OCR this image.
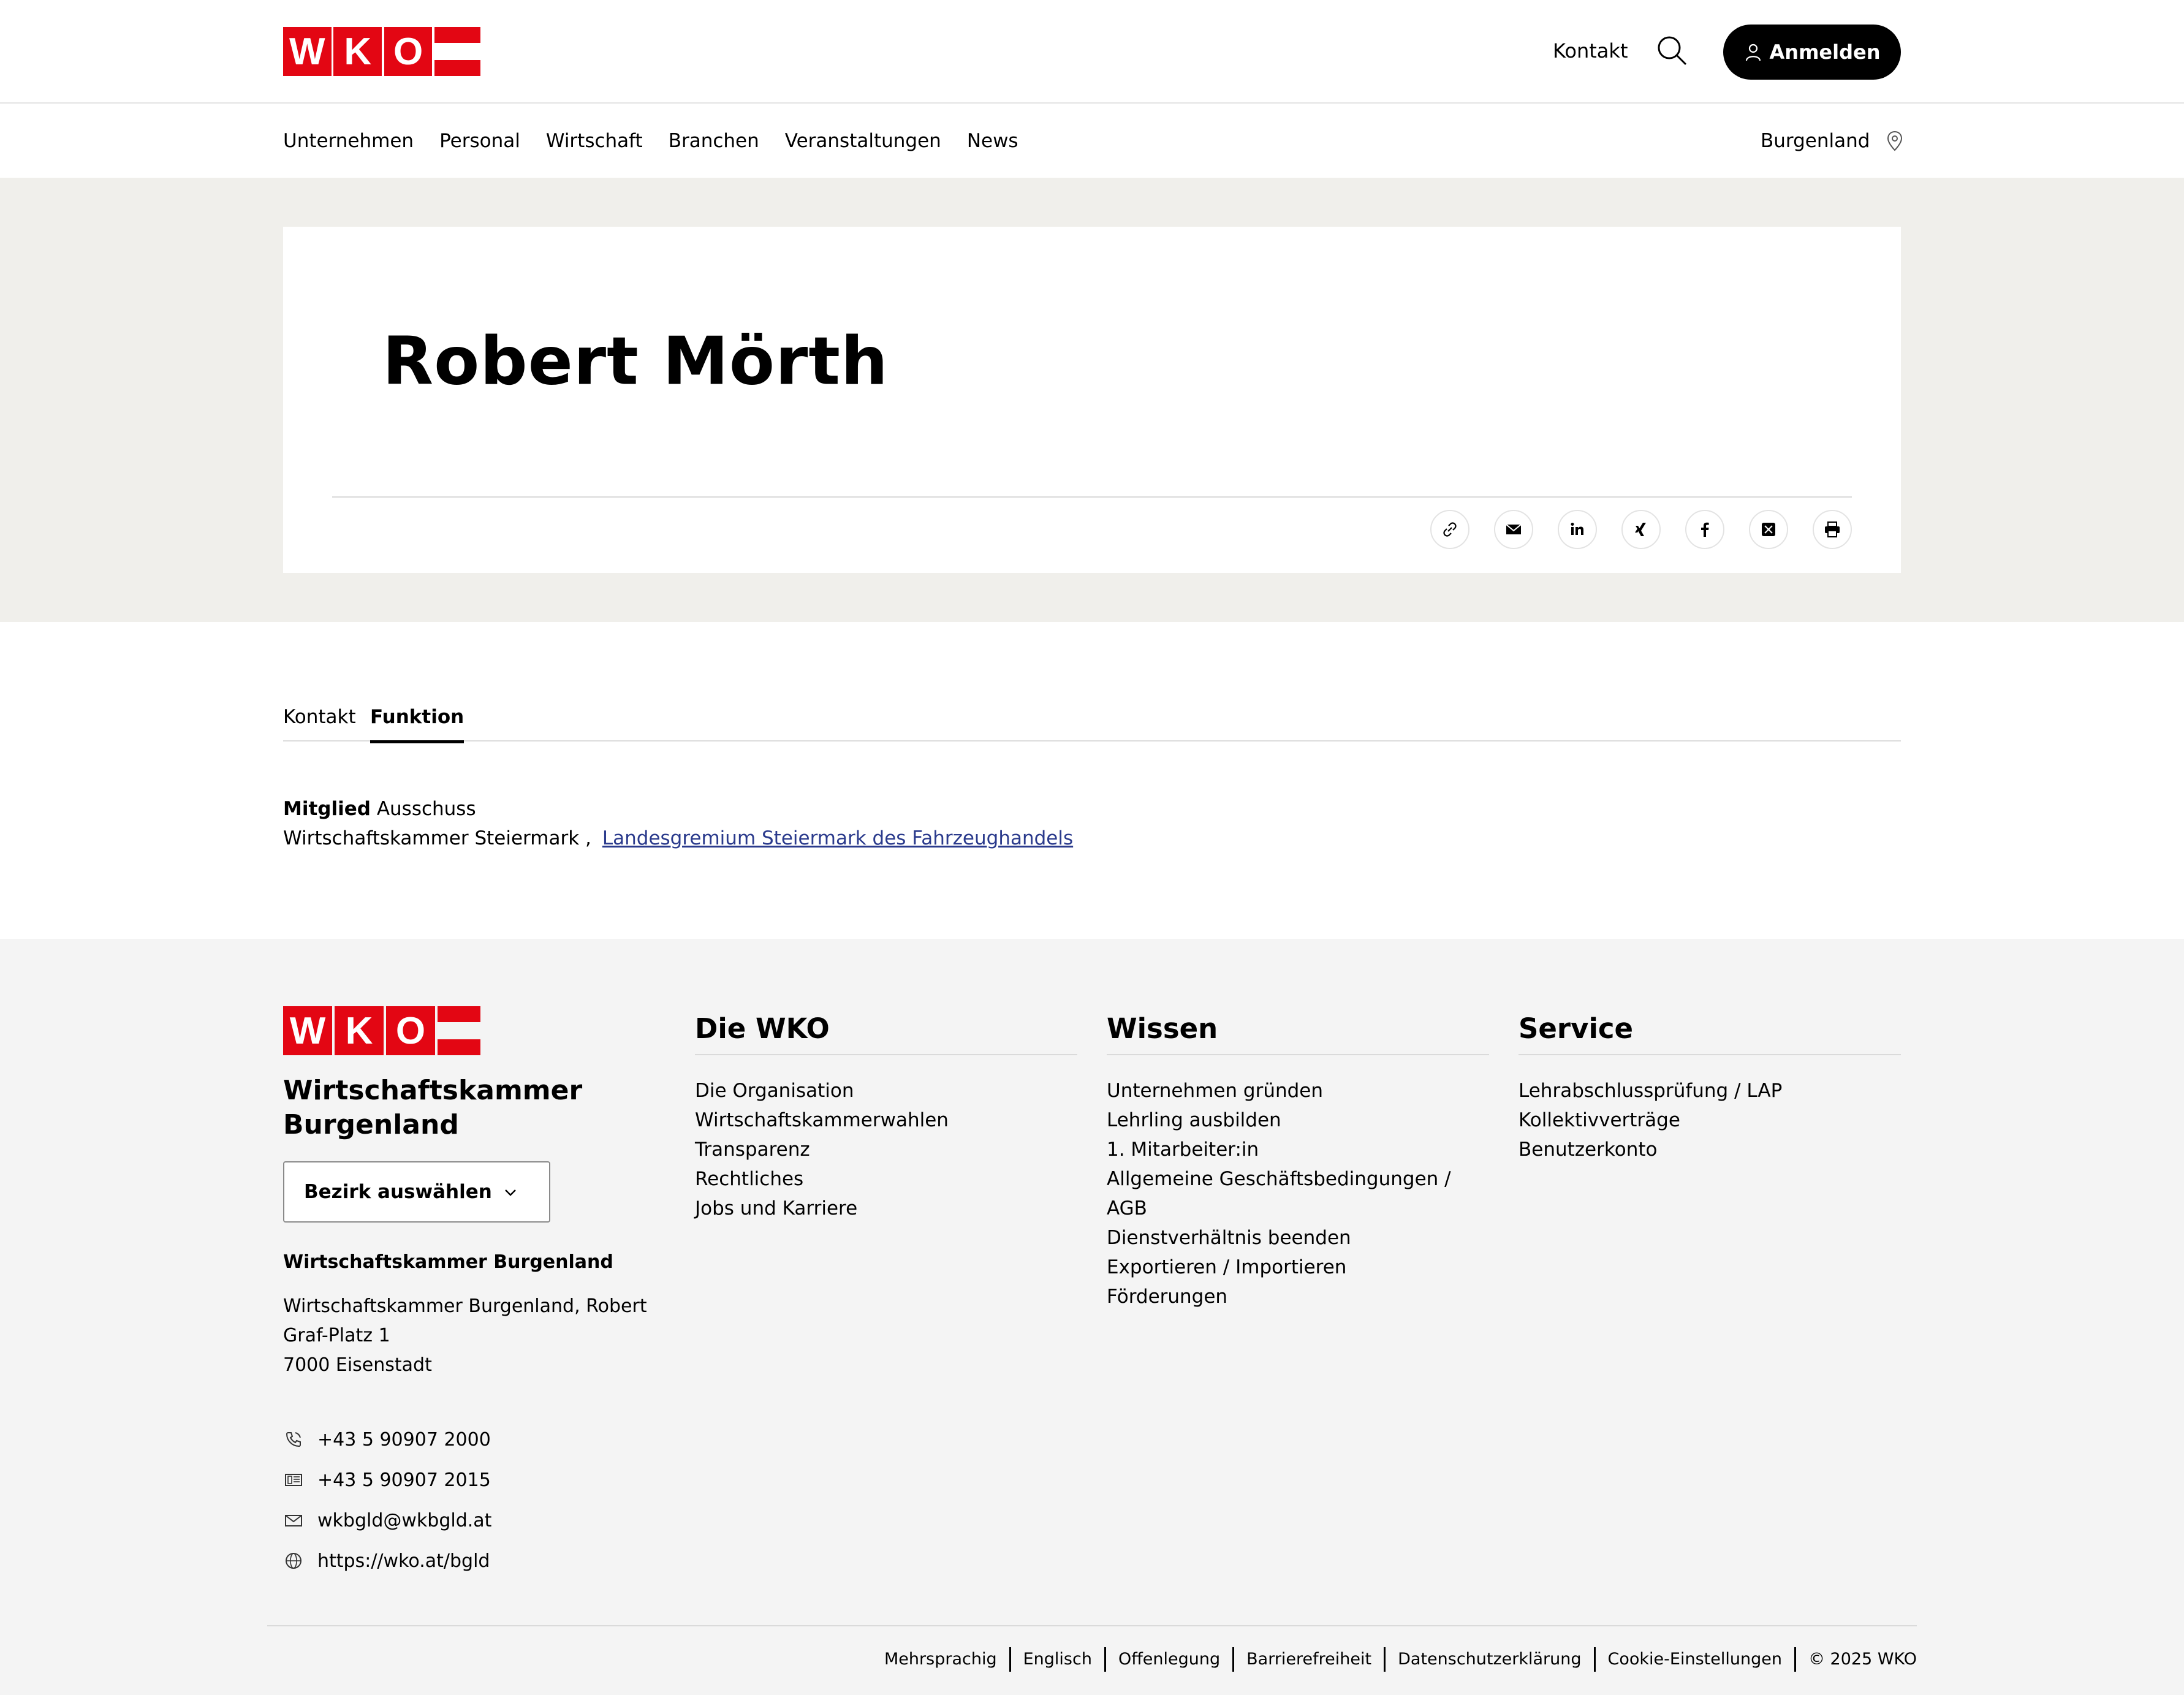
W K O	Kontakt	Anmelden
Unternehmen Personal Wirtschaft Branchen Veranstaltungen News	Burgenland
Robert Mörth
Kontakt Funktion
Mitglied Ausschuss
Wirtschaftskammer Steiermark , Landesgremium Steiermark des Fahrzeughandels
W K O
Wirtschaftskammer Burgenland
Bezirk auswählen
Wirtschaftskammer Burgenland
Wirtschaftskammer Burgenland, Robert
Graf-Platz 1
7000 Eisenstadt
+43 5 90907 2000
+43 5 90907 2015
wkbgld@wkbgld.at
https://wko.at/bgld
Die WKO
Die Organisation
Wirtschaftskammerwahlen
Transparenz
Rechtliches
Jobs und Karriere
Wissen
Unternehmen gründen
Lehrling ausbilden
1. Mitarbeiter:in
Allgemeine Geschäftsbedingungen / AGB
Dienstverhältnis beenden
Exportieren / Importieren
Förderungen
Service
Lehrabschlussprüfung / LAP
Kollektivverträge
Benutzerkonto
Mehrsprachig	Englisch	Offenlegung	Barrierefreiheit	Datenschutzerklärung	Cookie-Einstellungen	© 2025 WKO
